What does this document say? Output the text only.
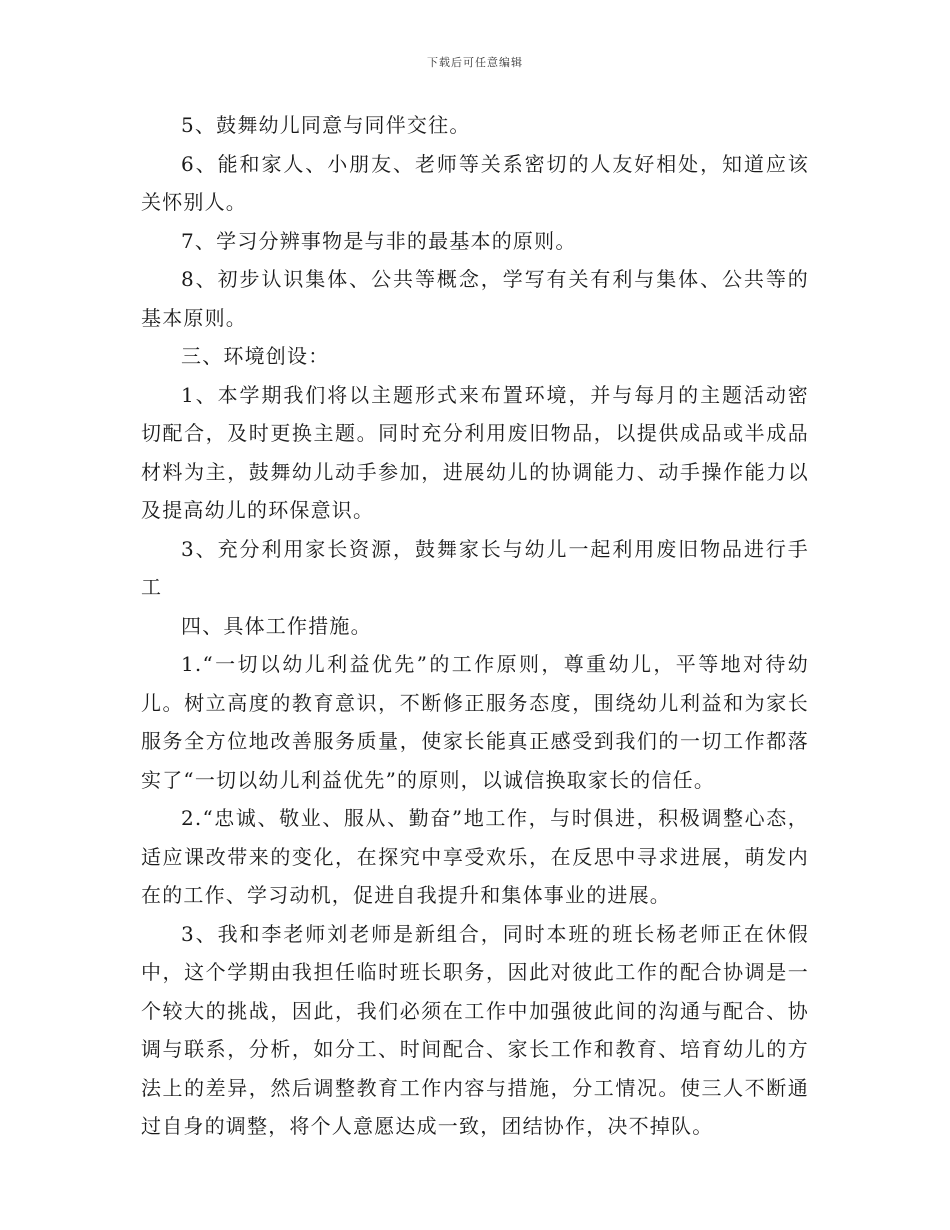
下载后可任意编辑

5、鼓舞幼儿同意与同伴交往。

6、能和家人、小朋友、老师等关系密切的人友好相处，知道应该关怀别人。

7、学习分辨事物是与非的最基本的原则。

8、初步认识集体、公共等概念，学写有关有利与集体、公共等的基本原则。

三、环境创设：

1、本学期我们将以主题形式来布置环境，并与每月的主题活动密切配合，及时更换主题。同时充分利用废旧物品，以提供成品或半成品材料为主，鼓舞幼儿动手参加，进展幼儿的协调能力、动手操作能力以及提高幼儿的环保意识。

3、充分利用家长资源，鼓舞家长与幼儿一起利用废旧物品进行手工

四、具体工作措施。

1.“一切以幼儿利益优先”的工作原则，尊重幼儿，平等地对待幼儿。树立高度的教育意识，不断修正服务态度，围绕幼儿利益和为家长服务全方位地改善服务质量，使家长能真正感受到我们的一切工作都落实了“一切以幼儿利益优先”的原则，以诚信换取家长的信任。

2.“忠诚、敬业、服从、勤奋”地工作，与时俱进，积极调整心态，适应课改带来的变化，在探究中享受欢乐，在反思中寻求进展，萌发内在的工作、学习动机，促进自我提升和集体事业的进展。

3、我和李老师刘老师是新组合，同时本班的班长杨老师正在休假中，这个学期由我担任临时班长职务，因此对彼此工作的配合协调是一个较大的挑战，因此，我们必须在工作中加强彼此间的沟通与配合、协调与联系，分析，如分工、时间配合、家长工作和教育、培育幼儿的方法上的差异，然后调整教育工作内容与措施，分工情况。使三人不断通过自身的调整，将个人意愿达成一致，团结协作，决不掉队。
